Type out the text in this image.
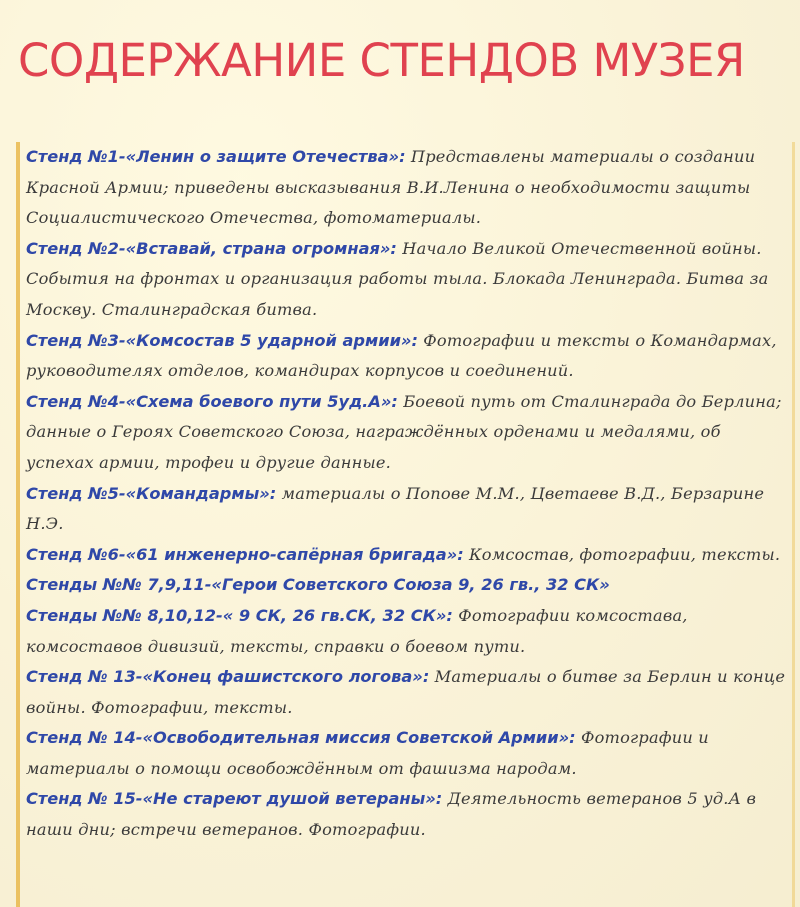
СОДЕРЖАНИЕ СТЕНДОВ МУЗЕЯ

Стенд №1-«Ленин о защите Отечества»: Представлены материалы о создании Красной Армии; приведены высказывания В.И.Ленина о необходимости защиты Социалистического Отечества, фотоматериалы.

Стенд №2-«Вставай, страна огромная»: Начало Великой Отечественной войны. События на фронтах и организация работы тыла. Блокада Ленинграда. Битва за Москву. Сталинградская битва.

Стенд №3-«Комсостав 5 ударной армии»: Фотографии и тексты о Командармах, руководителях отделов, командирах корпусов и соединений.

Стенд №4-«Схема боевого пути 5уд.А»: Боевой путь от Сталинграда до Берлина; данные о Героях Советского Союза, награждённых орденами и медалями, об успехах армии, трофеи и другие данные.

Стенд №5-«Командармы»: материалы о Попове М.М., Цветаеве В.Д., Берзарине Н.Э.

Стенд №6-«61 инженерно-сапёрная бригада»: Комсостав, фотографии, тексты.

Стенды №№ 7,9,11-«Герои Советского Союза 9, 26 гв., 32 СК»

Стенды №№ 8,10,12-« 9 СК, 26 гв.СК, 32 СК»: Фотографии комсостава, комсоставов дивизий, тексты, справки о боевом пути.

Стенд № 13-«Конец фашистского логова»: Материалы о битве за Берлин и конце войны. Фотографии, тексты.

Стенд № 14-«Освободительная миссия Советской Армии»: Фотографии и материалы о помощи освобождённым от фашизма народам.

Стенд № 15-«Не стареют душой ветераны»: Деятельность ветеранов 5 уд.А в наши дни; встречи ветеранов. Фотографии.
